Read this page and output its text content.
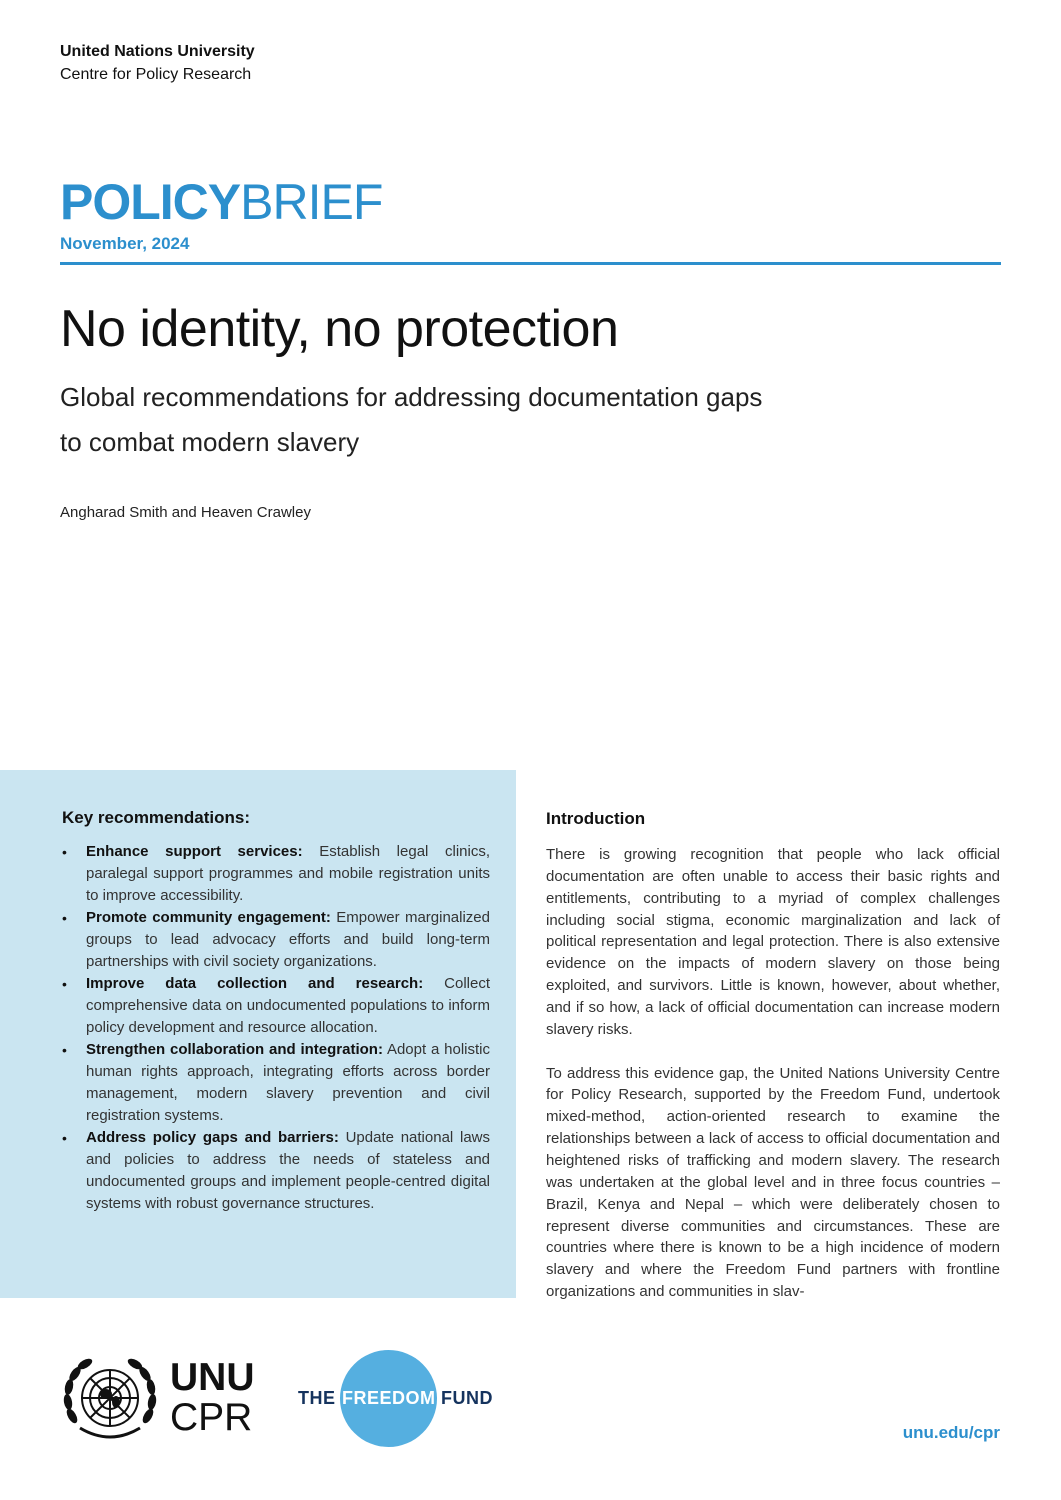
United Nations University
Centre for Policy Research
POLICYBRIEF
November, 2024
No identity, no protection
Global recommendations for addressing documentation gaps
to combat modern slavery
Angharad Smith and Heaven Crawley
Key recommendations:
• Enhance support services: Establish legal clinics, paralegal support programmes and mobile registration units to improve accessibility.
• Promote community engagement: Empower marginalized groups to lead advocacy efforts and build long-term partnerships with civil society organizations.
• Improve data collection and research: Collect comprehensive data on undocumented populations to inform policy development and resource allocation.
• Strengthen collaboration and integration: Adopt a holistic human rights approach, integrating efforts across border management, modern slavery prevention and civil registration systems.
• Address policy gaps and barriers: Update national laws and policies to address the needs of stateless and undocumented groups and implement people-centred digital systems with robust governance structures.
Introduction

There is growing recognition that people who lack official documentation are often unable to access their basic rights and entitlements, contributing to a myriad of complex challenges including social stigma, economic marginalization and lack of political representation and legal protection. There is also extensive evidence on the impacts of modern slavery on those being exploited, and survivors. Little is known, however, about whether, and if so how, a lack of official documentation can increase modern slavery risks.

To address this evidence gap, the United Nations University Centre for Policy Research, supported by the Freedom Fund, undertook mixed-method, action-oriented research to examine the relationships between a lack of access to official documentation and heightened risks of trafficking and modern slavery. The research was undertaken at the global level and in three focus countries – Brazil, Kenya and Nepal – which were deliberately chosen to represent diverse communities and circumstances. These are countries where there is known to be a high incidence of modern slavery and where the Freedom Fund partners with frontline organizations and communities in slav-

UNU
CPR	THE FREEDOM FUND
unu.edu/cpr
